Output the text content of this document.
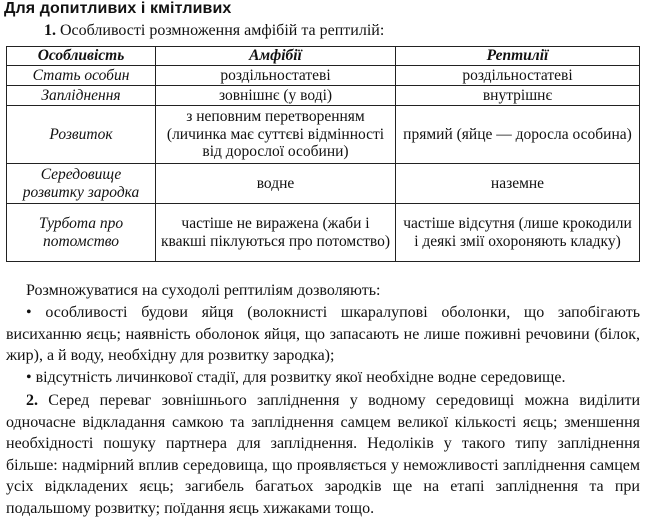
Для допитливих і кмітливих
1. Особливості розмноження амфібій та рептилій:
Особливість	Амфібії	Рептилії
Стать особин	роздільностатеві	роздільностатеві
Запліднення	зовнішнє (у воді)	внутрішнє
Розвиток	з неповним перетворенням (личинка має суттєві відмінності від дорослої особини)	прямий (яйце — доросла особина)
Середовище розвитку зародка	водне	наземне
Турбота про потомство	частіше не виражена (жаби і квакші піклуються про потомство)	частіше відсутня (лише крокодили і деякі змії охороняють кладку)
Розмножуватися на суходолі рептиліям дозволяють:
• особливості будови яйця (волокнисті шкаралупові оболонки, що запобігають висиханню яєць; наявність оболонок яйця, що запасають не лише поживні речовини (білок, жир), а й воду, необхідну для розвитку зародка);
• відсутність личинкової стадії, для розвитку якої необхідне водне середовище.
2. Серед переваг зовнішнього запліднення у водному середовищі можна виділити одночасне відкладання самкою та запліднення самцем великої кількості яєць; зменшення необхідності пошуку партнера для запліднення. Недоліків у такого типу запліднення більше: надмірний вплив середовища, що проявляється у неможливості запліднення самцем усіх відкладених яєць; загибель багатьох зародків ще на етапі запліднення та при подальшому розвитку; поїдання яєць хижаками тощо.
